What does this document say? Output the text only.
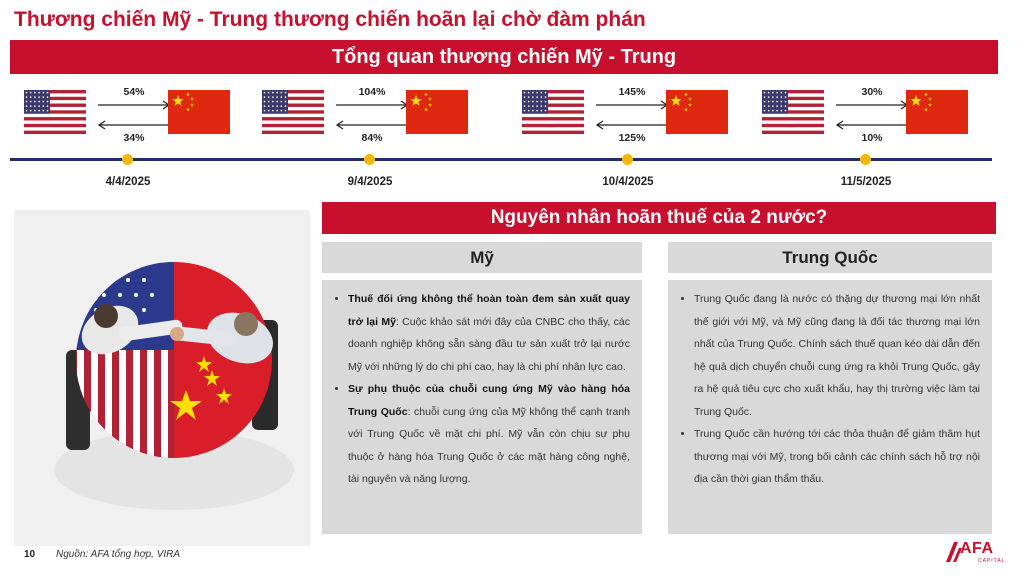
Thương chiến Mỹ - Trung thương chiến hoãn lại chờ đàm phán
Tổng quan thương chiến Mỹ - Trung
54%
34%
4/4/2025
104%
84%
9/4/2025
145%
125%
10/4/2025
30%
10%
11/5/2025
Nguyên nhân hoãn thuế của 2 nước?
Mỹ	Trung Quốc
• Thuế đối ứng không thể hoàn toàn đem sản xuất quay trở lại Mỹ: Cuộc khảo sát mới đây của CNBC cho thấy, các doanh nghiệp không sẵn sàng đầu tư sản xuất trở lại nước Mỹ với những lý do chi phí cao, hay là chi phí nhân lực cao.
• Sự phụ thuộc của chuỗi cung ứng Mỹ vào hàng hóa Trung Quốc: chuỗi cung ứng của Mỹ không thể cạnh tranh với Trung Quốc về mặt chi phí. Mỹ vẫn còn chịu sự phụ thuộc ở hàng hóa Trung Quốc ở các mặt hàng công nghệ, tài nguyên và năng lượng.
• Trung Quốc đang là nước có thặng dự thương mại lớn nhất thế giới với Mỹ, và Mỹ cũng đang là đối tác thương mại lớn nhất của Trung Quốc. Chính sách thuế quan kéo dài dẫn đến hệ quả dịch chuyển chuỗi cung ứng ra khỏi Trung Quốc, gây ra hệ quả tiêu cực cho xuất khẩu, hay thị trường việc làm tại Trung Quốc.
• Trung Quốc cần hướng tới các thỏa thuận để giảm thâm hụt thương mại với Mỹ, trong bối cảnh các chính sách hỗ trợ nội địa cần thời gian thẩm thấu.
10 Nguồn: AFA tổng hợp, VIRA	AFA
CAPITAL
